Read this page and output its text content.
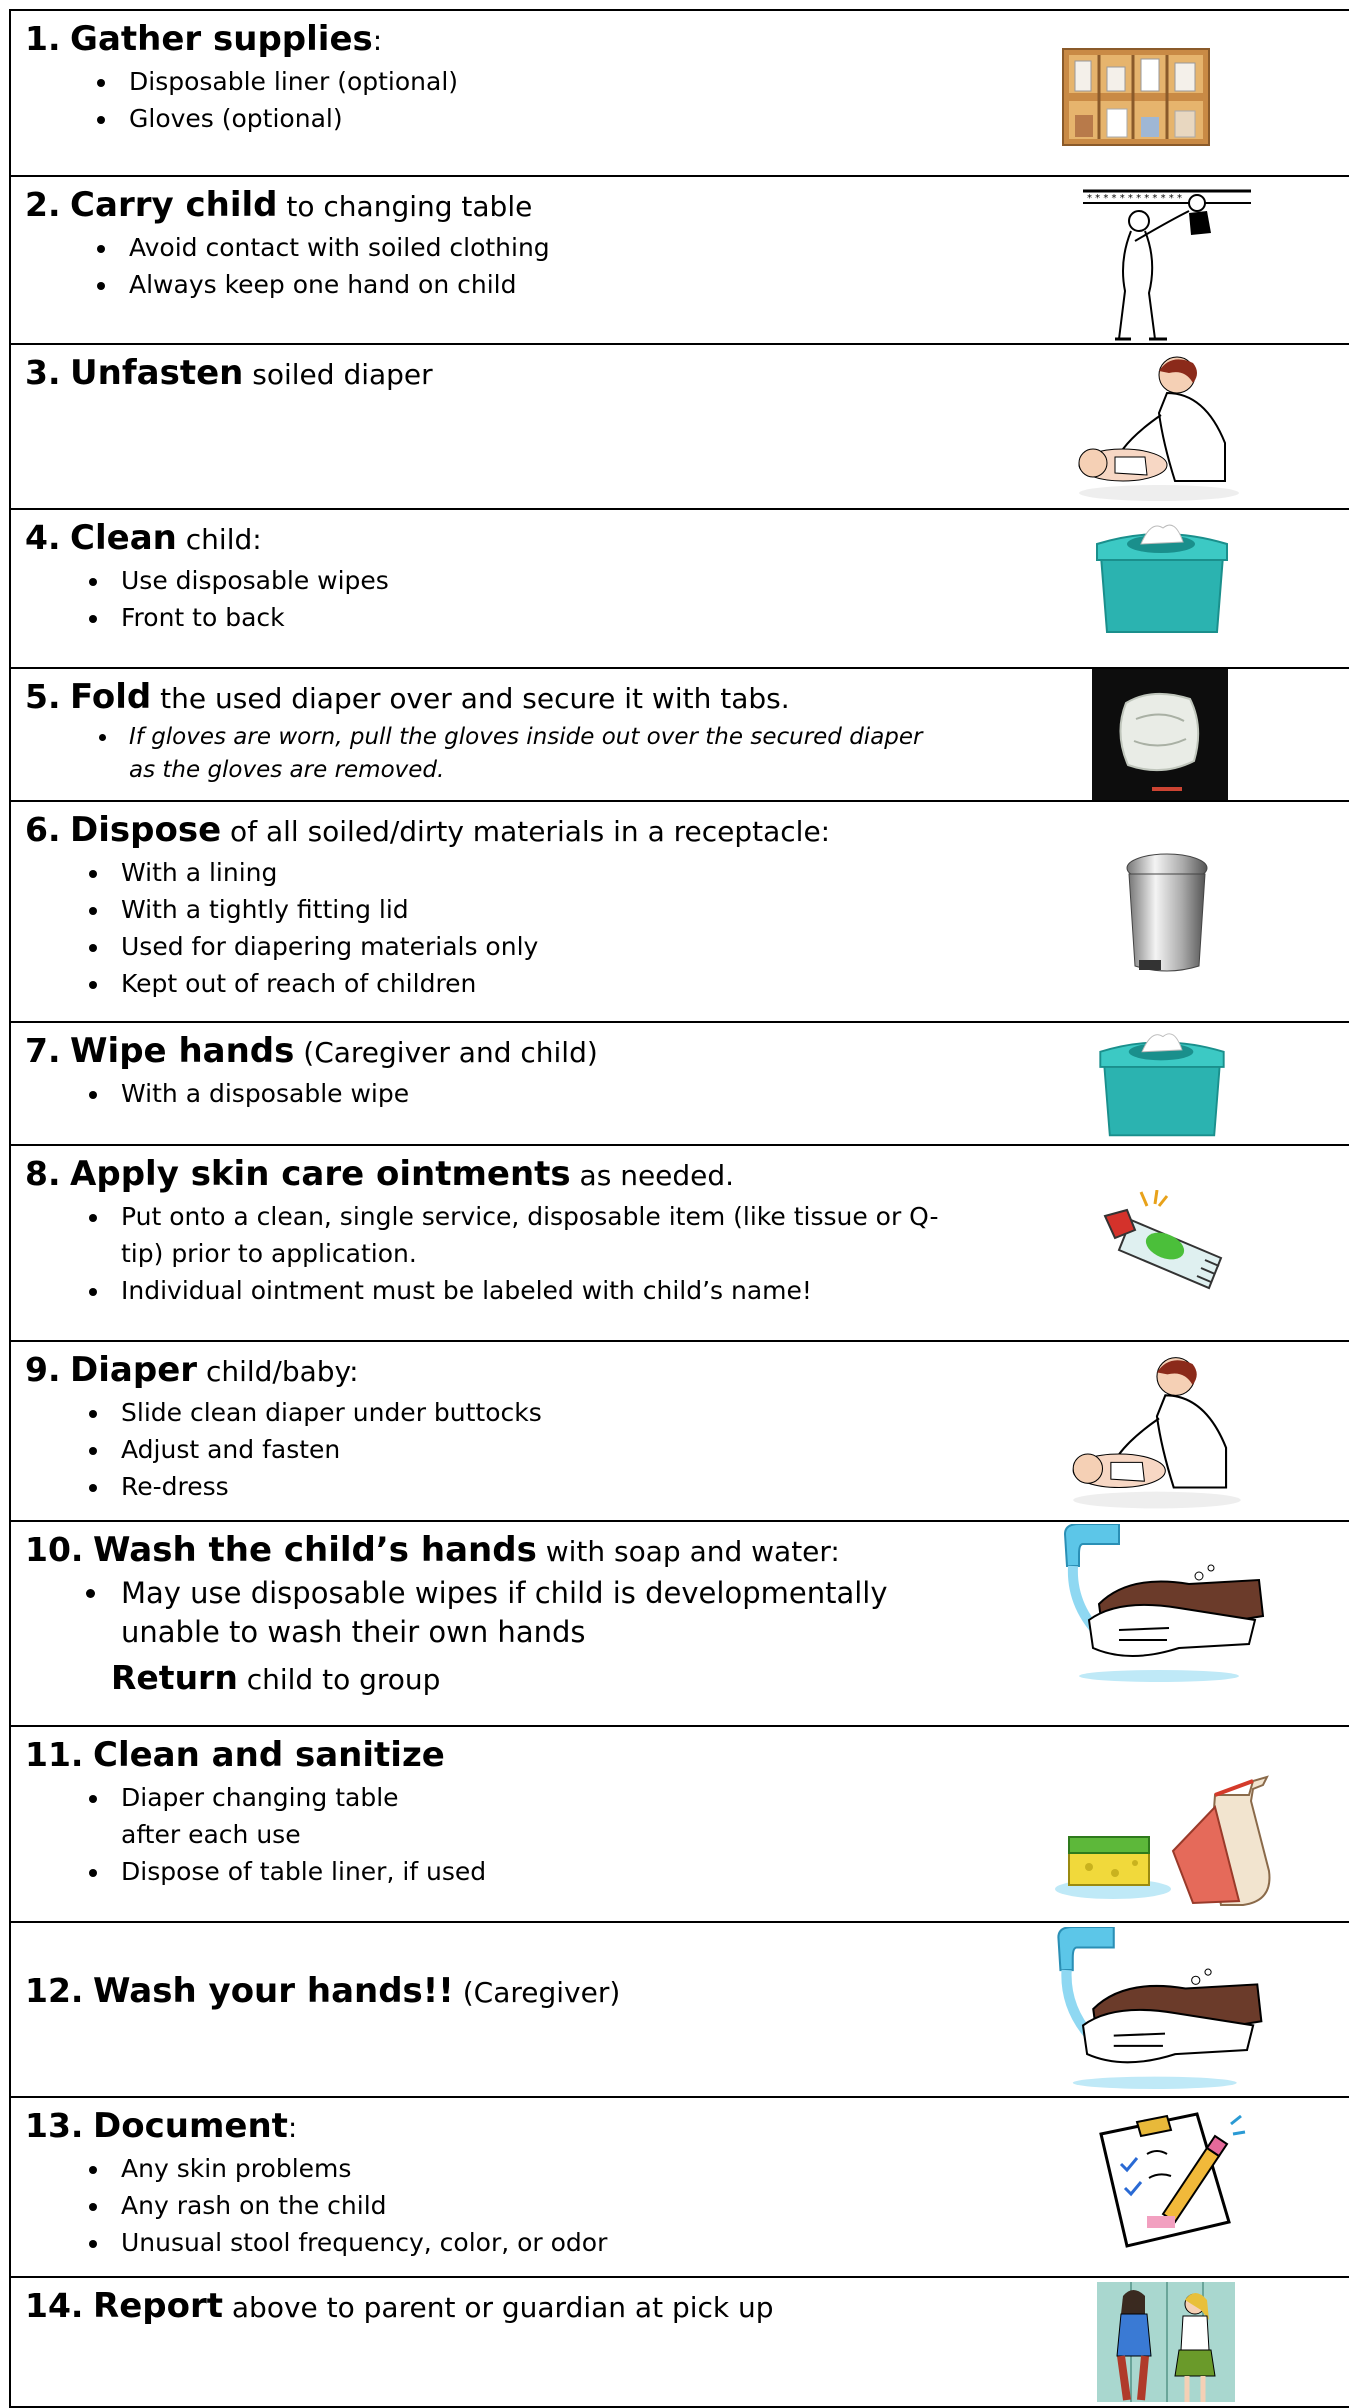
1. Gather supplies:
• Disposable liner (optional)
• Gloves (optional)
2. Carry child to changing table
• Avoid contact with soiled clothing
• Always keep one hand on child
* * * * * * * * * * * *
3. Unfasten soiled diaper
4. Clean child:
• Use disposable wipes
• Front to back
5. Fold the used diaper over and secure it with tabs.
• If gloves are worn, pull the gloves inside out over the secured diaper as the gloves are removed.
6. Dispose of all soiled/dirty materials in a receptacle:
• With a lining
• With a tightly fitting lid
• Used for diapering materials only
• Kept out of reach of children
7. Wipe hands (Caregiver and child)
• With a disposable wipe
8. Apply skin care ointments as needed.
• Put onto a clean, single service, disposable item (like tissue or Q-tip) prior to application.
• Individual ointment must be labeled with child’s name!
9. Diaper child/baby:
• Slide clean diaper under buttocks
• Adjust and fasten
• Re-dress
10. Wash the child’s hands with soap and water:
• May use disposable wipes if child is developmentally unable to wash their own hands
Return child to group
11. Clean and sanitize
• Diaper changing table after each use
• Dispose of table liner, if used
12. Wash your hands!! (Caregiver)
13. Document:
• Any skin problems
• Any rash on the child
• Unusual stool frequency, color, or odor
14. Report above to parent or guardian at pick up
